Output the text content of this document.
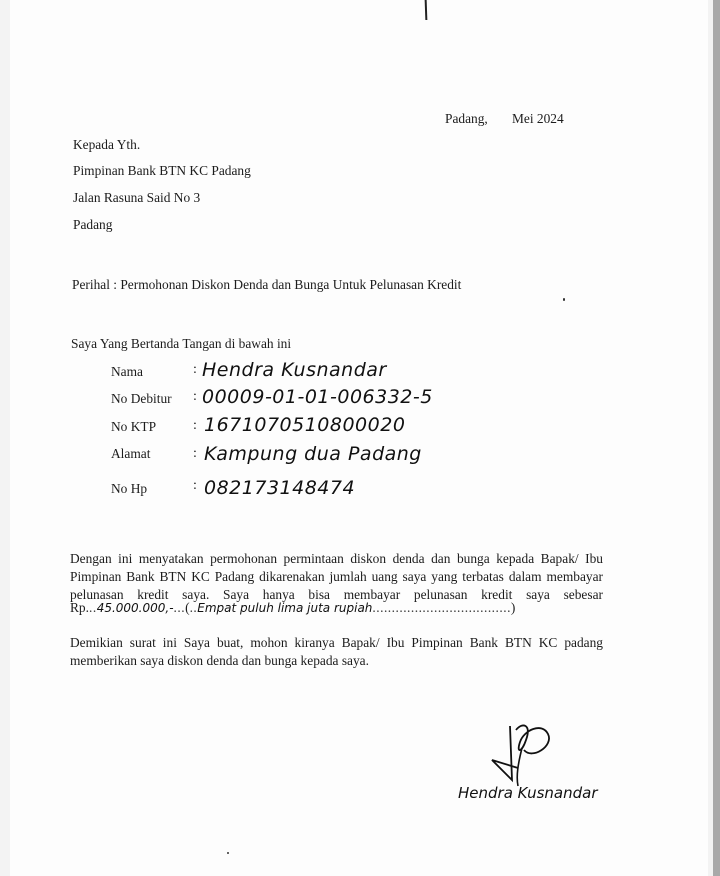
Padang, Mei 2024
Kepada Yth.
Pimpinan Bank BTN KC Padang
Jalan Rasuna Said No 3
Padang
Perihal : Permohonan Diskon Denda dan Bunga Untuk Pelunasan Kredit
Saya Yang Bertanda Tangan di bawah ini
Nama	: Hendra Kusnandar
No Debitur : 00009-01-01-006332-5
No KTP	: 1671070510800020
Alamat	: Kampung dua Padang
No Hp	: 082173148474
Dengan ini menyatakan permohonan permintaan diskon denda dan bunga kepada Bapak/ Ibu
Pimpinan Bank BTN KC Padang dikarenakan jumlah uang saya yang terbatas dalam membayar
pelunasan kredit saya. Saya hanya bisa membayar pelunasan kredit saya sebesar
Rp...45.000.000,-...(..Empat puluh lima juta rupiah....................................)
Demikian surat ini Saya buat, mohon kiranya Bapak/ Ibu Pimpinan Bank BTN KC padang memberikan saya diskon denda dan bunga kepada saya.
Hendra Kusnandar
